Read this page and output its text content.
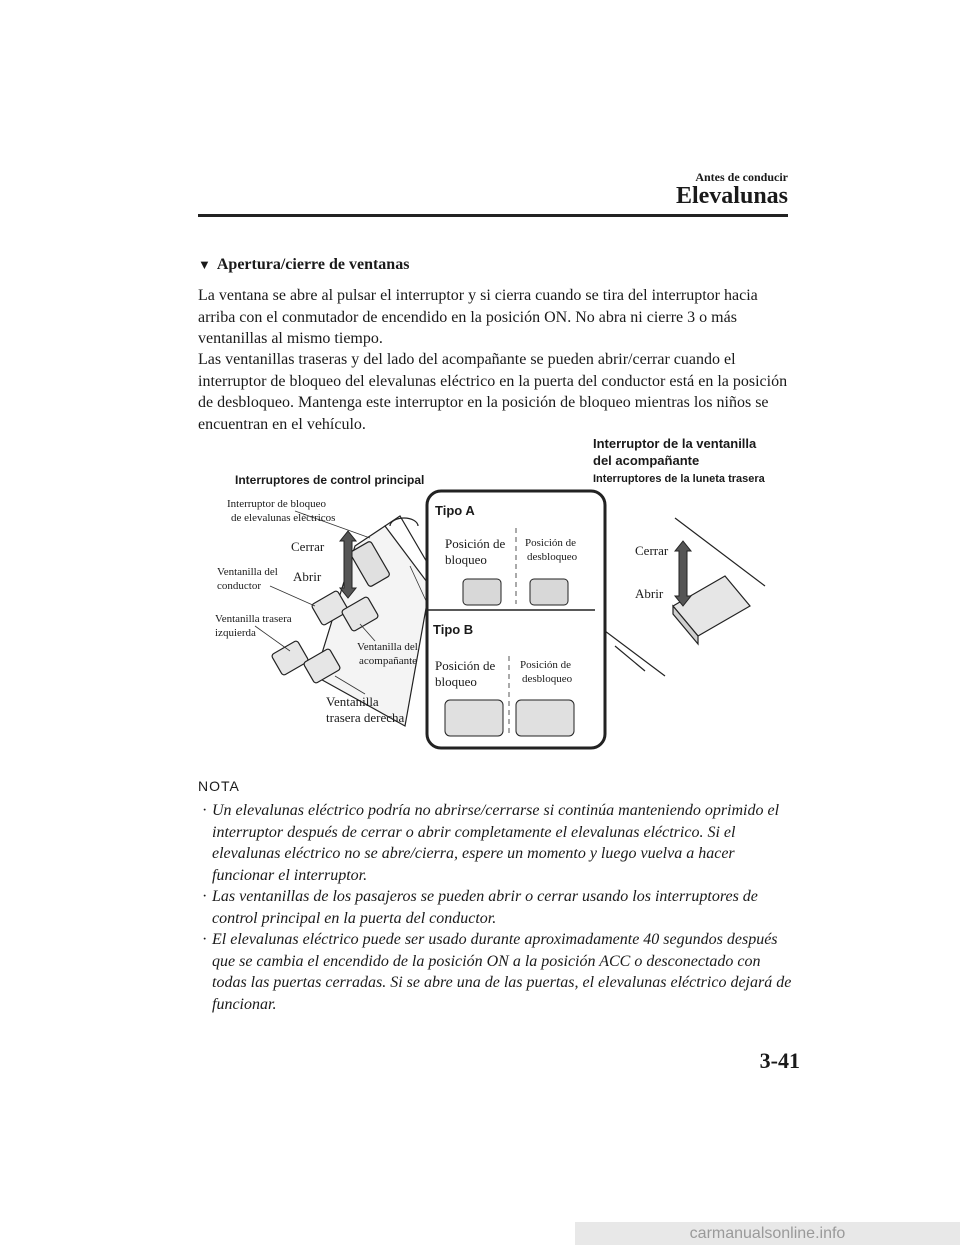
Antes de conducir
Elevalunas
▼ Apertura/cierre de ventanas
La ventana se abre al pulsar el interruptor y si cierra cuando se tira del interruptor hacia
arriba con el conmutador de encendido en la posición ON. No abra ni cierre 3 o más
ventanillas al mismo tiempo.
Las ventanillas traseras y del lado del acompañante se pueden abrir/cerrar cuando el
interruptor de bloqueo del elevalunas eléctrico en la puerta del conductor está en la posición
de desbloqueo. Mantenga este interruptor en la posición de bloqueo mientras los niños se
encuentran en el vehículo.
Interruptores de control principal
Interruptor de bloqueo
de elevalunas eléctricos
Cerrar
Abrir
Ventanilla del
conductor
Ventanilla trasera
izquierda
Ventanilla del
acompañante
Ventanilla
trasera derecha
Tipo A
Posición de
bloqueo
Posición de
desbloqueo
Tipo B
Posición de
bloqueo
Posición de
desbloqueo
Interruptor de la ventanilla
del acompañante
Interruptores de la luneta trasera
Cerrar
Abrir
NOTA
· Un elevalunas eléctrico podría no abrirse/cerrarse si continúa manteniendo oprimido el
interruptor después de cerrar o abrir completamente el elevalunas eléctrico. Si el
elevalunas eléctrico no se abre/cierra, espere un momento y luego vuelva a hacer
funcionar el interruptor.
· Las ventanillas de los pasajeros se pueden abrir o cerrar usando los interruptores de
control principal en la puerta del conductor.
· El elevalunas eléctrico puede ser usado durante aproximadamente 40 segundos después
que se cambia el encendido de la posición ON a la posición ACC o desconectado con
todas las puertas cerradas. Si se abre una de las puertas, el elevalunas eléctrico dejará de
funcionar.
3-41
carmanualsonline.info
